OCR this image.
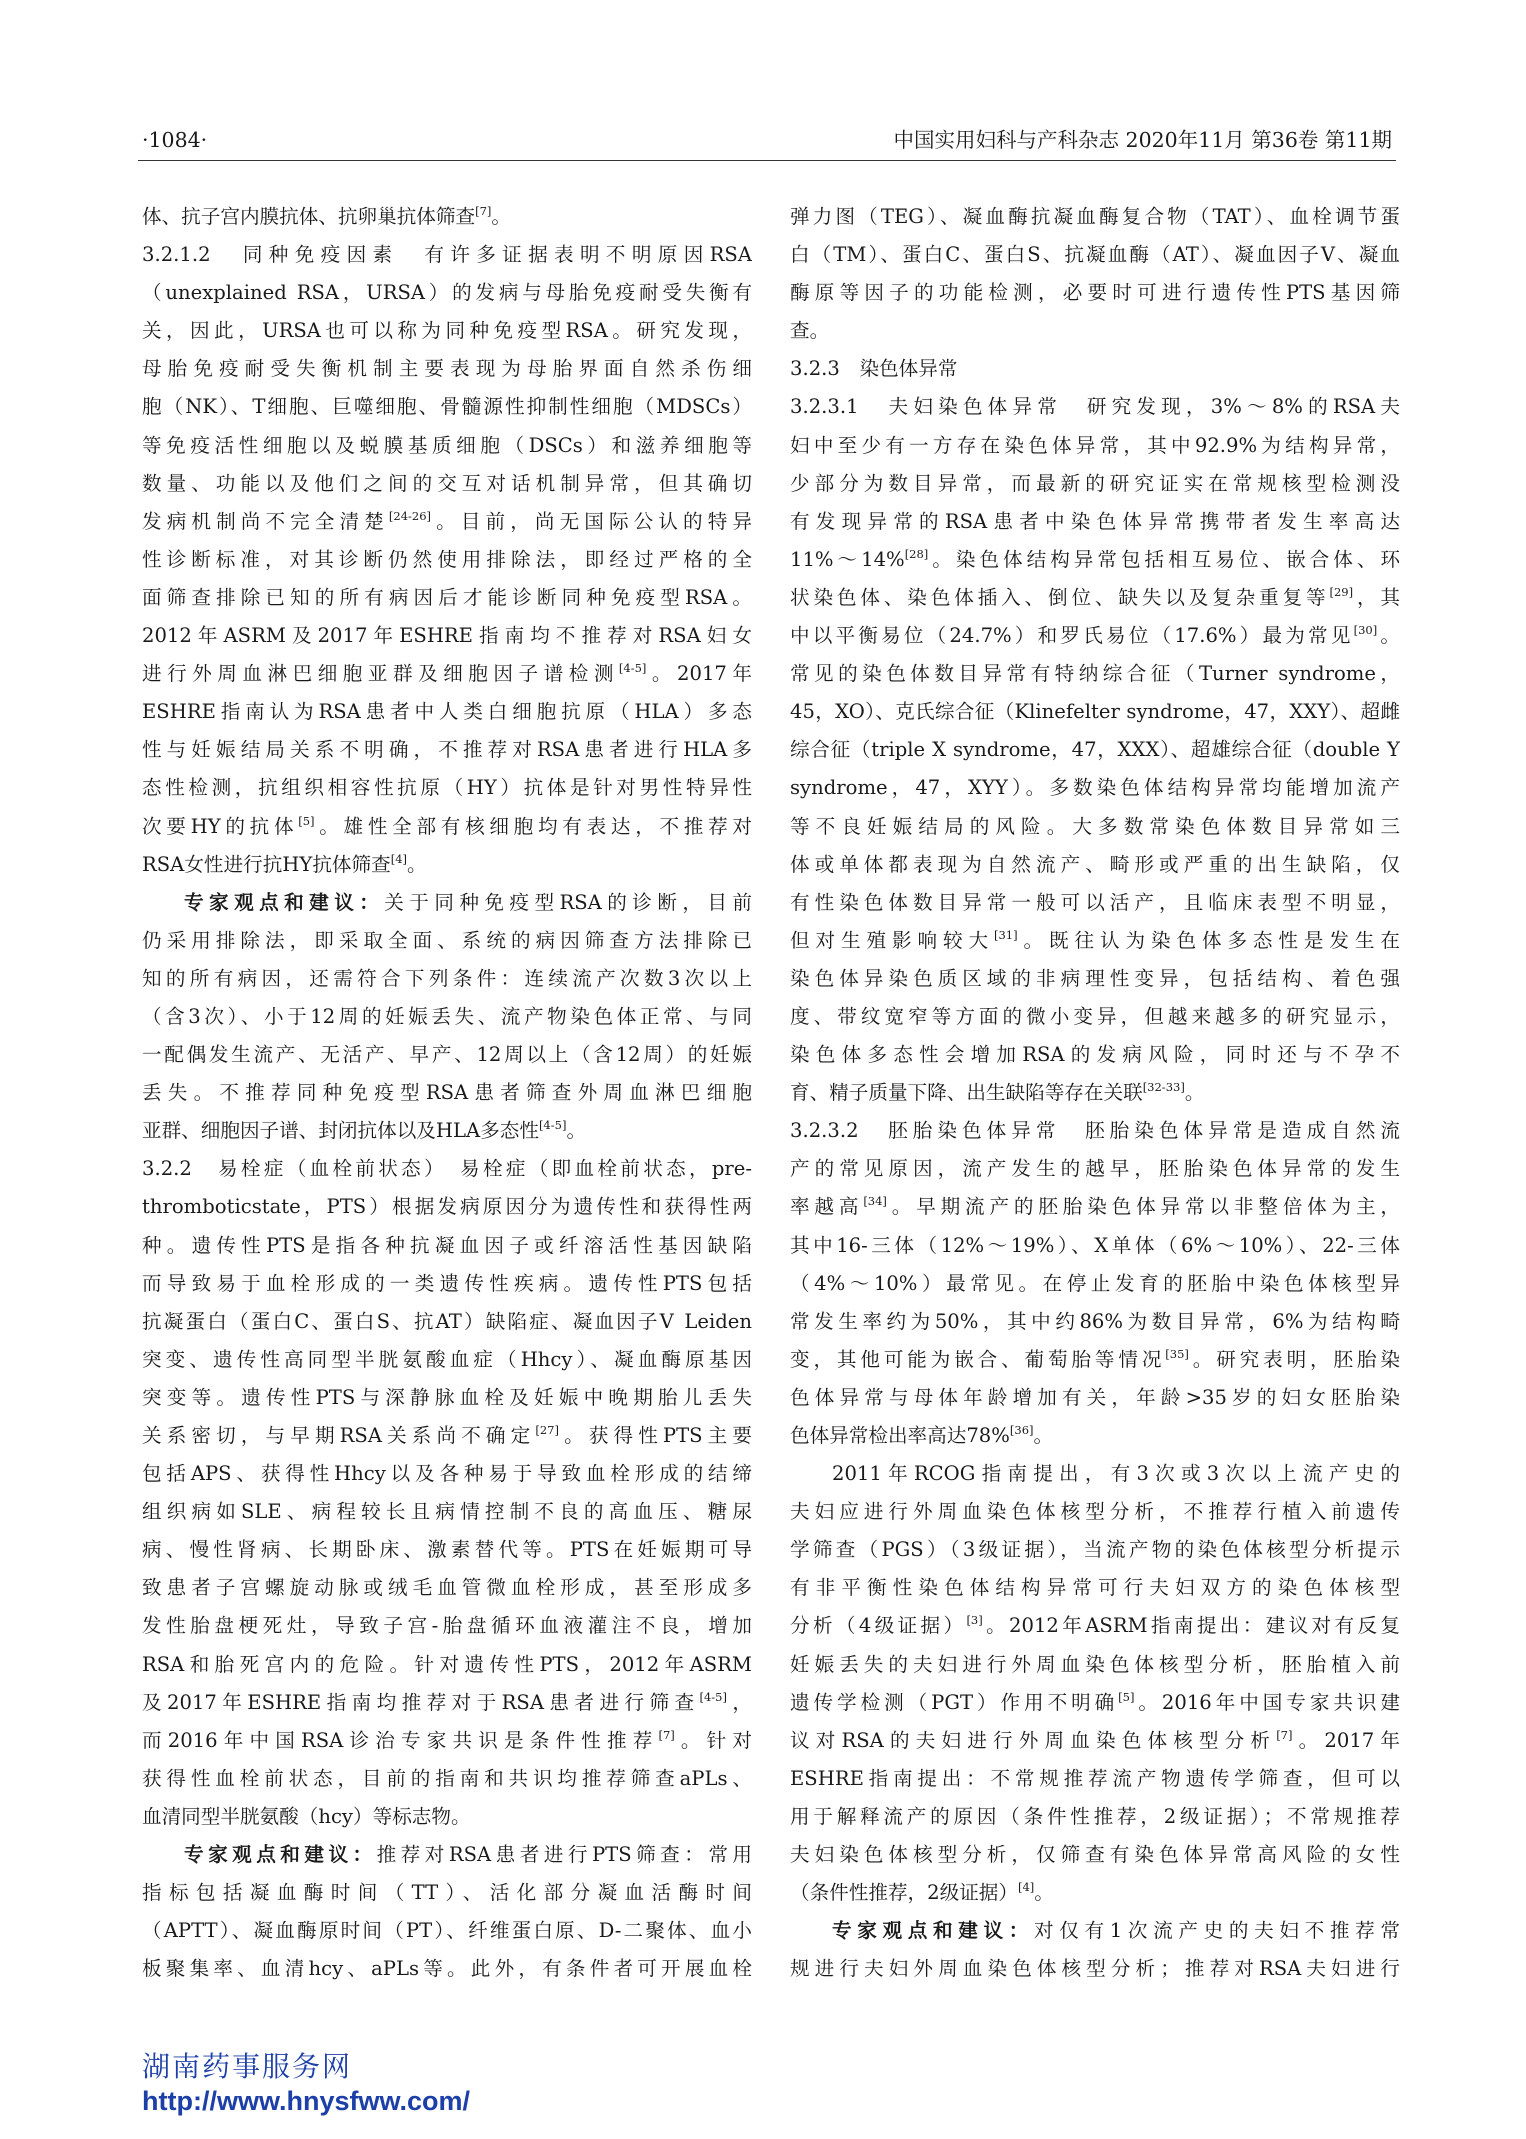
·1084·	中国实用妇科与产科杂志 2020年11月 第36卷 第11期
体、抗子宫内膜抗体、抗卵巢抗体筛查[7]。
3.2.1.2　同种免疫因素　有许多证据表明不明原因RSA
（unexplained RSA，URSA）的发病与母胎免疫耐受失衡有
关，因此，URSA也可以称为同种免疫型RSA。研究发现，
母胎免疫耐受失衡机制主要表现为母胎界面自然杀伤细
胞（NK）、T细胞、巨噬细胞、骨髓源性抑制性细胞（MDSCs）
等免疫活性细胞以及蜕膜基质细胞（DSCs）和滋养细胞等
数量、功能以及他们之间的交互对话机制异常，但其确切
发病机制尚不完全清楚[24-26]。目前，尚无国际公认的特异
性诊断标准，对其诊断仍然使用排除法，即经过严格的全
面筛查排除已知的所有病因后才能诊断同种免疫型RSA。
2012年ASRM及2017年ESHRE指南均不推荐对RSA妇女
进行外周血淋巴细胞亚群及细胞因子谱检测[4-5]。2017年
ESHRE指南认为RSA患者中人类白细胞抗原（HLA）多态
性与妊娠结局关系不明确，不推荐对RSA患者进行HLA多
态性检测，抗组织相容性抗原（HY）抗体是针对男性特异性
次要HY的抗体[5]。雄性全部有核细胞均有表达，不推荐对
RSA女性进行抗HY抗体筛查[4]。
专家观点和建议：关于同种免疫型RSA的诊断，目前
仍采用排除法，即采取全面、系统的病因筛查方法排除已
知的所有病因，还需符合下列条件：连续流产次数3次以上
（含3次）、小于12周的妊娠丢失、流产物染色体正常、与同
一配偶发生流产、无活产、早产、12周以上（含12周）的妊娠
丢失。不推荐同种免疫型RSA患者筛查外周血淋巴细胞
亚群、细胞因子谱、封闭抗体以及HLA多态性[4-5]。
3.2.2　易栓症（血栓前状态）　易栓症（即血栓前状态，pre-
thromboticstate，PTS）根据发病原因分为遗传性和获得性两
种。遗传性PTS是指各种抗凝血因子或纤溶活性基因缺陷
而导致易于血栓形成的一类遗传性疾病。遗传性PTS包括
抗凝蛋白（蛋白C、蛋白S、抗AT）缺陷症、凝血因子Ⅴ Leiden
突变、遗传性高同型半胱氨酸血症（Hhcy）、凝血酶原基因
突变等。遗传性PTS与深静脉血栓及妊娠中晚期胎儿丢失
关系密切，与早期RSA关系尚不确定[27]。获得性PTS主要
包括APS、获得性Hhcy以及各种易于导致血栓形成的结缔
组织病如SLE、病程较长且病情控制不良的高血压、糖尿
病、慢性肾病、长期卧床、激素替代等。PTS在妊娠期可导
致患者子宫螺旋动脉或绒毛血管微血栓形成，甚至形成多
发性胎盘梗死灶，导致子宫-胎盘循环血液灌注不良，增加
RSA和胎死宫内的危险。针对遗传性PTS，2012年ASRM
及2017年ESHRE指南均推荐对于RSA患者进行筛查[4-5]，
而2016年中国RSA诊治专家共识是条件性推荐[7]。针对
获得性血栓前状态，目前的指南和共识均推荐筛查aPLs、
血清同型半胱氨酸（hcy）等标志物。
专家观点和建议：推荐对RSA患者进行PTS筛查：常用
指标包括凝血酶时间（TT）、活化部分凝血活酶时间
（APTT）、凝血酶原时间（PT）、纤维蛋白原、D-二聚体、血小
板聚集率、血清hcy、aPLs等。此外，有条件者可开展血栓
弹力图（TEG）、凝血酶抗凝血酶复合物（TAT）、血栓调节蛋
白（TM）、蛋白C、蛋白S、抗凝血酶（AT）、凝血因子Ⅴ、凝血
酶原等因子的功能检测，必要时可进行遗传性PTS基因筛
查。
3.2.3　染色体异常
3.2.3.1　夫妇染色体异常　研究发现，3%～8%的RSA夫
妇中至少有一方存在染色体异常，其中92.9%为结构异常，
少部分为数目异常，而最新的研究证实在常规核型检测没
有发现异常的RSA患者中染色体异常携带者发生率高达
11%～14%[28]。染色体结构异常包括相互易位、嵌合体、环
状染色体、染色体插入、倒位、缺失以及复杂重复等[29]，其
中以平衡易位（24.7%）和罗氏易位（17.6%）最为常见[30]。
常见的染色体数目异常有特纳综合征（Turner syndrome，
45，XO）、克氏综合征（Klinefelter syndrome，47，XXY）、超雌
综合征（triple X syndrome，47，XXX）、超雄综合征（double Y
syndrome，47，XYY）。多数染色体结构异常均能增加流产
等不良妊娠结局的风险。大多数常染色体数目异常如三
体或单体都表现为自然流产、畸形或严重的出生缺陷，仅
有性染色体数目异常一般可以活产，且临床表型不明显，
但对生殖影响较大[31]。既往认为染色体多态性是发生在
染色体异染色质区域的非病理性变异，包括结构、着色强
度、带纹宽窄等方面的微小变异，但越来越多的研究显示，
染色体多态性会增加RSA的发病风险，同时还与不孕不
育、精子质量下降、出生缺陷等存在关联[32-33]。
3.2.3.2　胚胎染色体异常　胚胎染色体异常是造成自然流
产的常见原因，流产发生的越早，胚胎染色体异常的发生
率越高[34]。早期流产的胚胎染色体异常以非整倍体为主，
其中16-三体（12%～19%）、X单体（6%～10%）、22-三体
（4%～10%）最常见。在停止发育的胚胎中染色体核型异
常发生率约为50%，其中约86%为数目异常，6%为结构畸
变，其他可能为嵌合、葡萄胎等情况[35]。研究表明，胚胎染
色体异常与母体年龄增加有关，年龄>35岁的妇女胚胎染
色体异常检出率高达78%[36]。
2011年RCOG指南提出，有3次或3次以上流产史的
夫妇应进行外周血染色体核型分析，不推荐行植入前遗传
学筛查（PGS）（3级证据），当流产物的染色体核型分析提示
有非平衡性染色体结构异常可行夫妇双方的染色体核型
分析（4级证据）[3]。2012年ASRM指南提出：建议对有反复
妊娠丢失的夫妇进行外周血染色体核型分析，胚胎植入前
遗传学检测（PGT）作用不明确[5]。2016年中国专家共识建
议对RSA的夫妇进行外周血染色体核型分析[7]。2017年
ESHRE指南提出：不常规推荐流产物遗传学筛查，但可以
用于解释流产的原因（条件性推荐，2级证据）；不常规推荐
夫妇染色体核型分析，仅筛查有染色体异常高风险的女性
（条件性推荐，2级证据）[4]。
专家观点和建议：对仅有1次流产史的夫妇不推荐常
规进行夫妇外周血染色体核型分析；推荐对RSA夫妇进行
湖南药事服务网
http://www.hnysfww.com/
